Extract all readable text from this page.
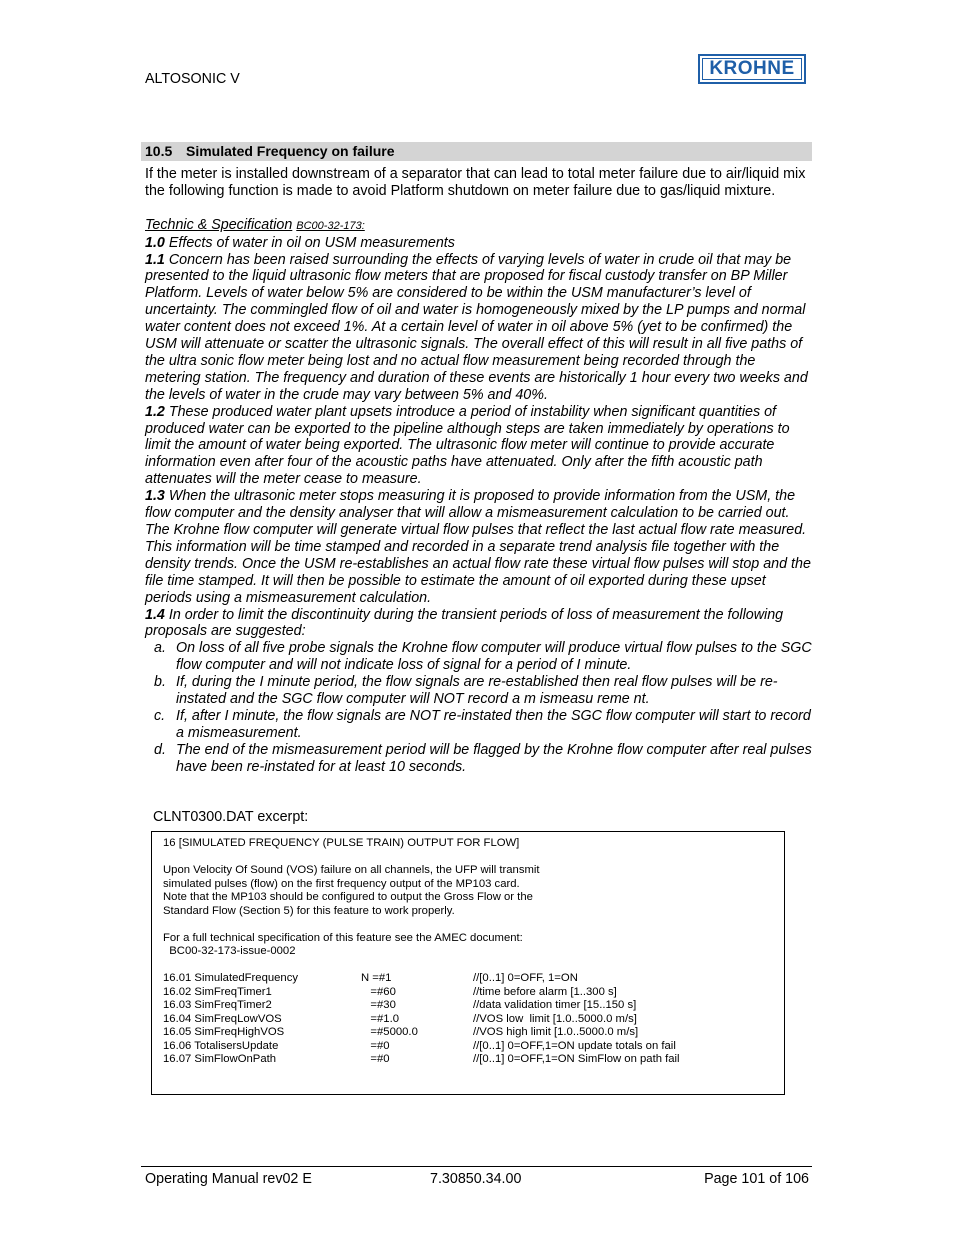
ALTOSONIC V	KROHNE
10.5 Simulated Frequency on failure

If the meter is installed downstream of a separator that can lead to total meter failure due to air/liquid mix the following function is made to avoid Platform shutdown on meter failure due to gas/liquid mixture.

Technic & Specification BC00-32-173:

1.0 Effects of water in oil on USM measurements

1.1 Concern has been raised surrounding the effects of varying levels of water in crude oil that may be presented to the liquid ultrasonic flow meters that are proposed for fiscal custody transfer on BP Miller Platform. Levels of water below 5% are considered to be within the USM manufacturer’s level of uncertainty. The commingled flow of oil and water is homogeneously mixed by the LP pumps and normal water content does not exceed 1%. At a certain level of water in oil above 5% (yet to be confirmed) the USM will attenuate or scatter the ultrasonic signals. The overall effect of this will result in all five paths of the ultra sonic flow meter being lost and no actual flow measurement being recorded through the metering station. The frequency and duration of these events are historically 1 hour every two weeks and the levels of water in the crude may vary between 5% and 40%.

1.2 These produced water plant upsets introduce a period of instability when significant quantities of produced water can be exported to the pipeline although steps are taken immediately by operations to limit the amount of water being exported. The ultrasonic flow meter will continue to provide accurate information even after four of the acoustic paths have attenuated. Only after the fifth acoustic path attenuates will the meter cease to measure.

1.3 When the ultrasonic meter stops measuring it is proposed to provide information from the USM, the flow computer and the density analyser that will allow a mismeasurement calculation to be carried out. The Krohne flow computer will generate virtual flow pulses that reflect the last actual flow rate measured. This information will be time stamped and recorded in a separate trend analysis file together with the density trends. Once the USM re-establishes an actual flow rate these virtual flow pulses will stop and the file time stamped. It will then be possible to estimate the amount of oil exported during these upset periods using a mismeasurement calculation.

1.4 In order to limit the discontinuity during the transient periods of loss of measurement the following proposals are suggested:

a. On loss of all five probe signals the Krohne flow computer will produce virtual flow pulses to the SGC flow computer and will not indicate loss of signal for a period of I minute.
b. If, during the I minute period, the flow signals are re-established then real flow pulses will be re-instated and the SGC flow computer will NOT record a m ismeasu reme nt.
c. If, after I minute, the flow signals are NOT re-instated then the SGC flow computer will start to record a mismeasurement.
d. The end of the mismeasurement period will be flagged by the Krohne flow computer after real pulses have been re-instated for at least 10 seconds.
CLNT0300.DAT excerpt:

16 [SIMULATED FREQUENCY (PULSE TRAIN) OUTPUT FOR FLOW]

Upon Velocity Of Sound (VOS) failure on all channels, the UFP will transmit

simulated pulses (flow) on the first frequency output of the MP103 card.

Note that the MP103 should be configured to output the Gross Flow or the

Standard Flow (Section 5) for this feature to work properly.

For a full technical specification of this feature see the AMEC document:

BC00-32-173-issue-0002

16.01 SimulatedFrequency	N =#1	//[0..1] 0=OFF, 1=ON
16.02 SimFreqTimer1	=#60	//time before alarm [1..300 s]
16.03 SimFreqTimer2	=#30	//data validation timer [15..150 s]
16.04 SimFreqLowVOS	=#1.0	//VOS low  limit [1.0..5000.0 m/s]
16.05 SimFreqHighVOS	=#5000.0	//VOS high limit [1.0..5000.0 m/s]
16.06 TotalisersUpdate	=#0	//[0..1] 0=OFF,1=ON update totals on fail
16.07 SimFlowOnPath	=#0	//[0..1] 0=OFF,1=ON SimFlow on path fail
Operating Manual rev02 E	7.30850.34.00	Page 101 of 106
